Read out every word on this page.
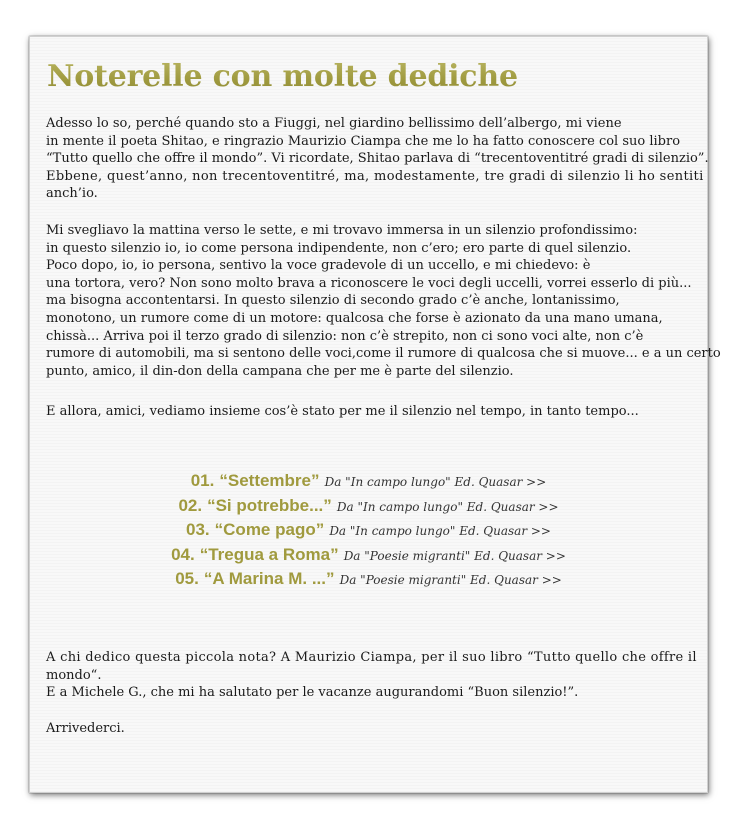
Noterelle con molte dediche
Adesso lo so, perché quando sto a Fiuggi, nel giardino bellissimo dell’albergo, mi viene
in mente il poeta Shitao, e ringrazio Maurizio Ciampa che me lo ha fatto conoscere col suo libro
“Tutto quello che offre il mondo”. Vi ricordate, Shitao parlava di “trecentoventitré gradi di silenzio”.
Ebbene, quest’anno, non trecentoventitré, ma, modestamente, tre gradi di silenzio li ho sentiti
anch’io.
Mi svegliavo la mattina verso le sette, e mi trovavo immersa in un silenzio profondissimo:
in questo silenzio io, io come persona indipendente, non c’ero; ero parte di quel silenzio.
Poco dopo, io, io persona, sentivo la voce gradevole di un uccello, e mi chiedevo: è
una tortora, vero? Non sono molto brava a riconoscere le voci degli uccelli, vorrei esserlo di più...
ma bisogna accontentarsi. In questo silenzio di secondo grado c’è anche, lontanissimo,
monotono, un rumore come di un motore: qualcosa che forse è azionato da una mano umana,
chissà... Arriva poi il terzo grado di silenzio: non c’è strepito, non ci sono voci alte, non c’è
rumore di automobili, ma si sentono delle voci,come il rumore di qualcosa che si muove... e a un certo
punto, amico, il din-don della campana che per me è parte del silenzio.

E allora, amici, vediamo insieme cos’è stato per me il silenzio nel tempo, in tanto tempo...

01. “Settembre” Da "In campo lungo" Ed. Quasar >>
02. “Si potrebbe...” Da "In campo lungo" Ed. Quasar >>
03. “Come pago” Da "In campo lungo" Ed. Quasar >>
04. “Tregua a Roma” Da "Poesie migranti" Ed. Quasar >>
05. “A Marina M. ...” Da "Poesie migranti" Ed. Quasar >>
A chi dedico questa piccola nota? A Maurizio Ciampa, per il suo libro “Tutto quello che offre il
mondo“.
E a Michele G., che mi ha salutato per le vacanze augurandomi “Buon silenzio!”.

Arrivederci.
